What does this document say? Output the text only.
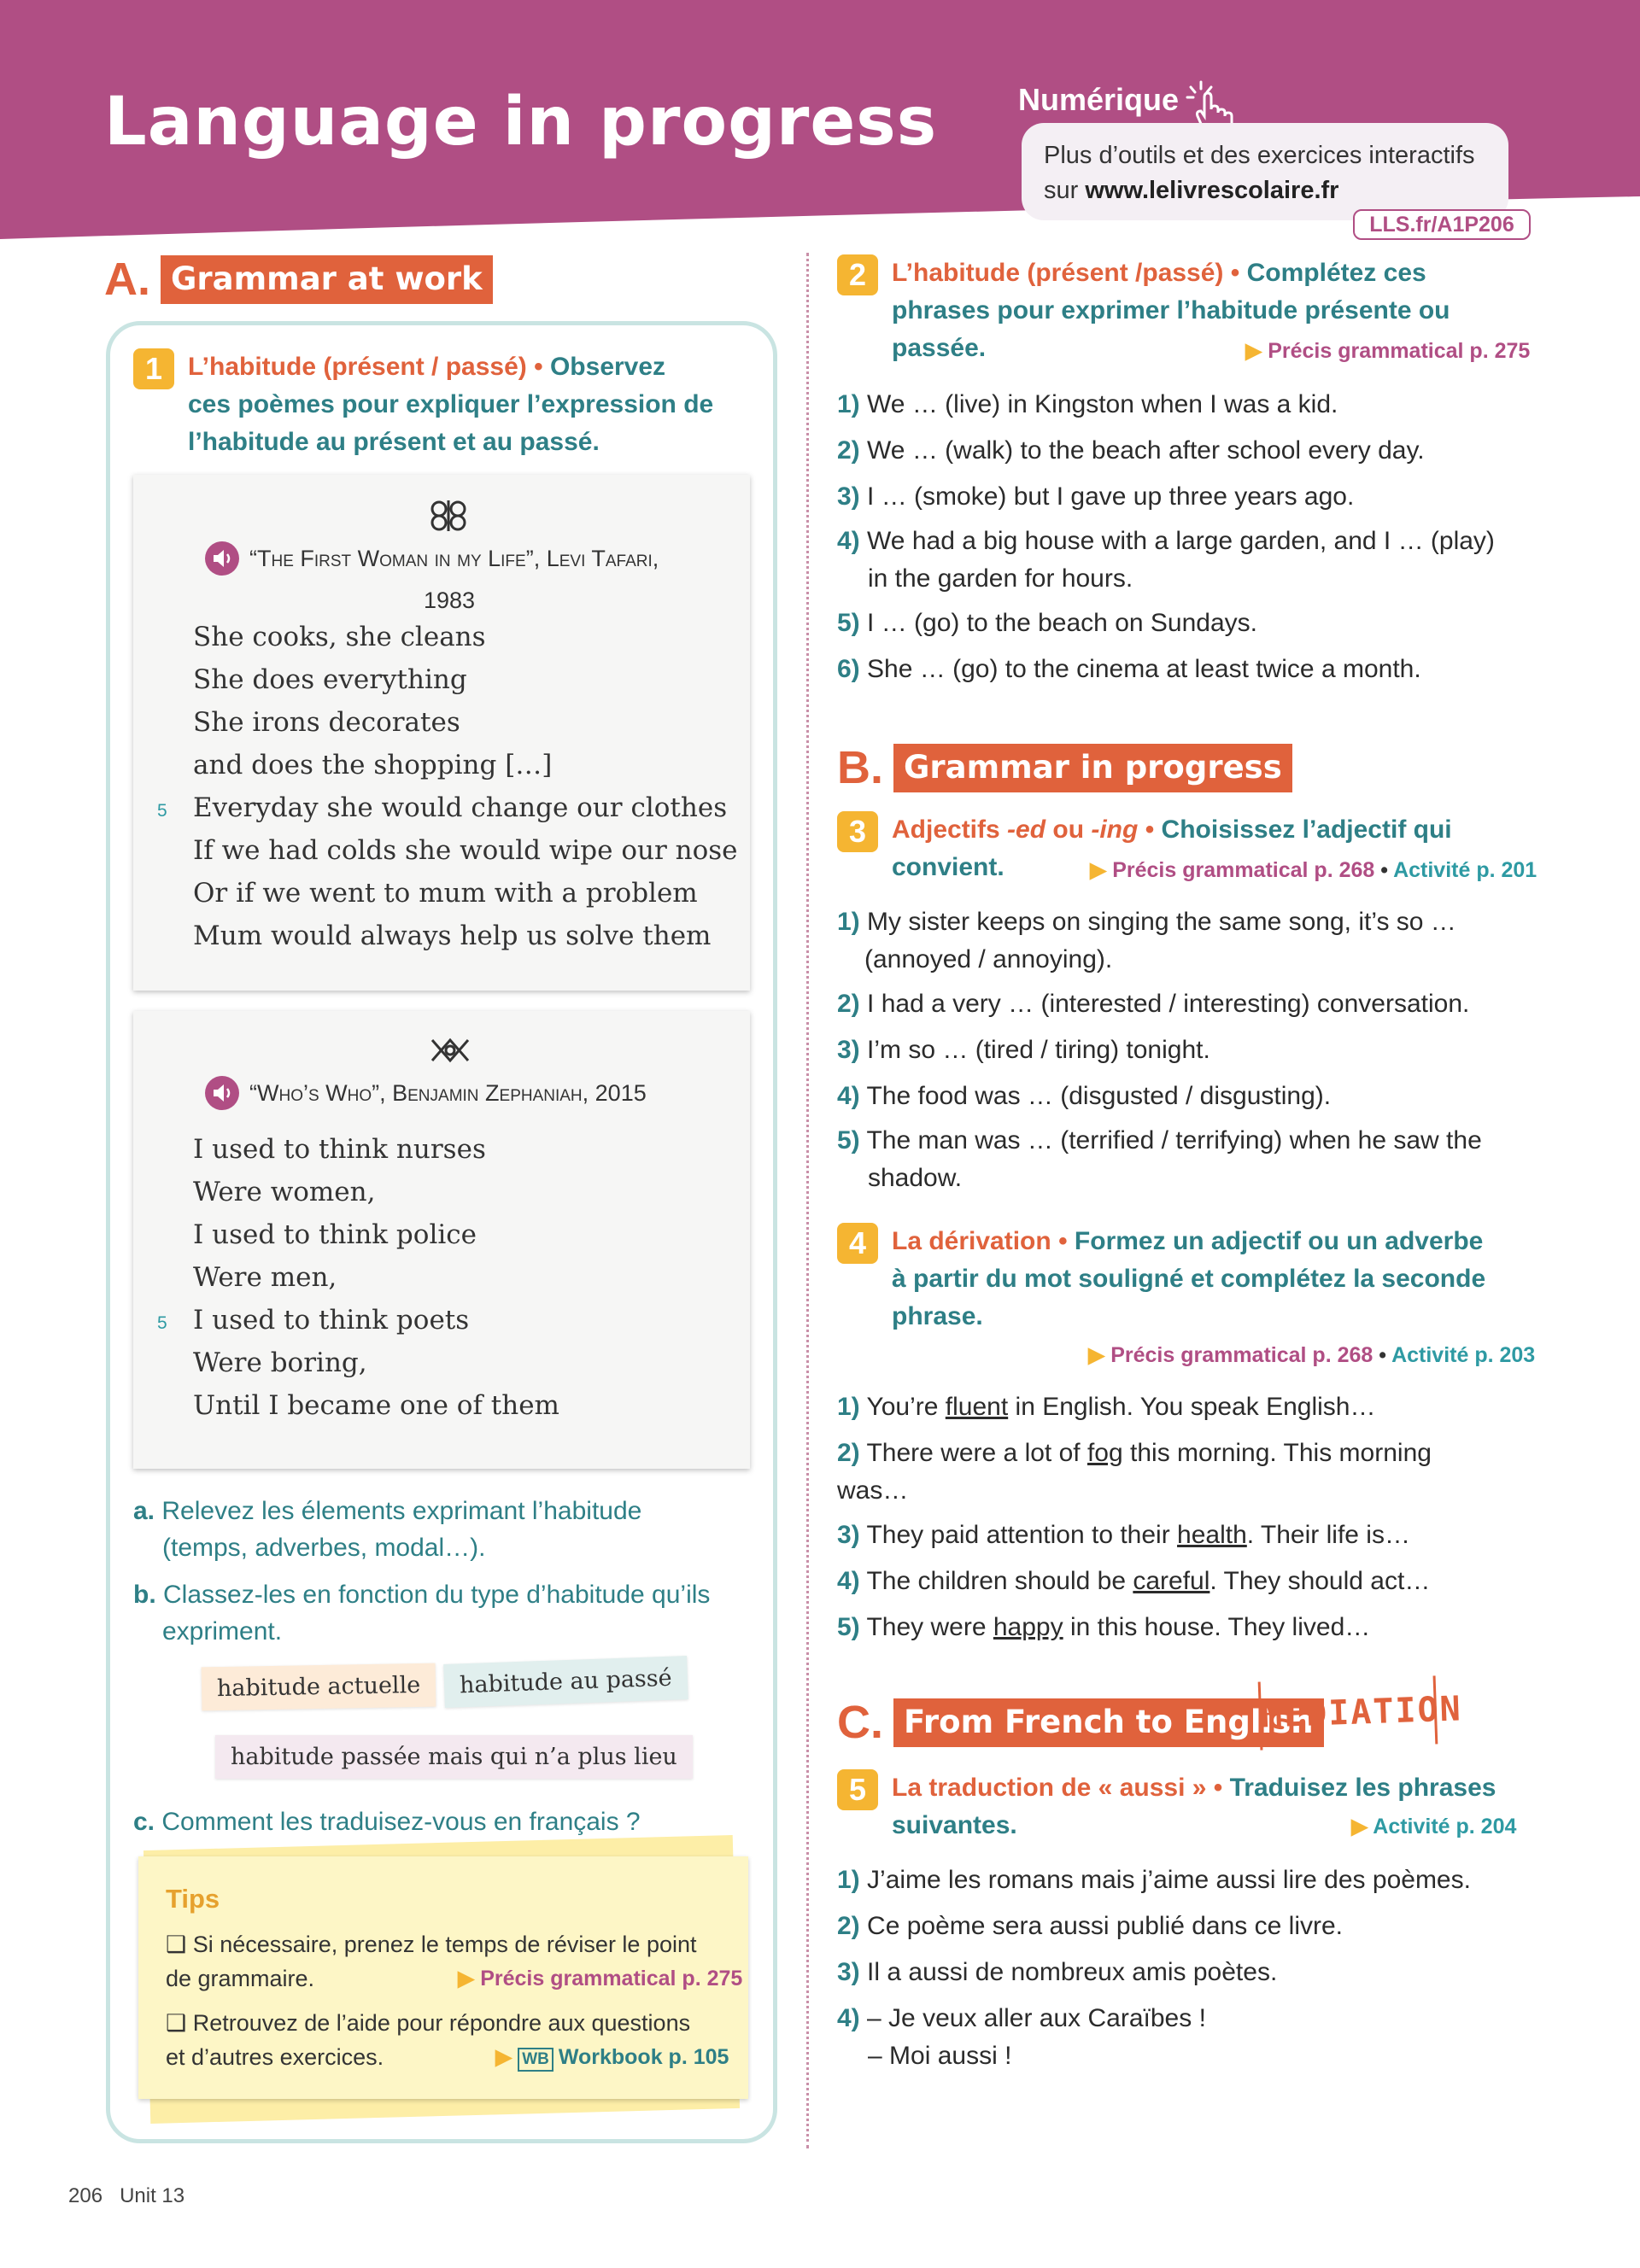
Language in progress	Numérique
Plus d’outils et des exercices interactifs
sur www.lelivrescolaire.fr
LLS.fr/A1P206
A. Grammar at work
1 L’habitude (présent / passé) • Observez
ces poèmes pour expliquer l’expression de
l’habitude au présent et au passé.
“The First Woman in my Life”, Levi Tafari,
1983
She cooks, she cleans
She does everything
She irons decorates
and does the shopping […]
5 Everyday she would change our clothes
If we had colds she would wipe our nose
Or if we went to mum with a problem
Mum would always help us solve them
“Who’s Who”, Benjamin Zephaniah, 2015
I used to think nurses
Were women,
I used to think police
Were men,
5 I used to think poets
Were boring,
Until I became one of them
a. Relevez les élements exprimant l’habitude
(temps, adverbes, modal…).
b. Classez-les en fonction du type d’habitude qu’ils
expriment.
habitude actuelle	habitude au passé
habitude passée mais qui n’a plus lieu
c. Comment les traduisez-vous en français ?
Tips
❑ Si nécessaire, prenez le temps de réviser le point
de grammaire.	▶ Précis grammatical p. 275
❑ Retrouvez de l’aide pour répondre aux questions
et d’autres exercices.	▶ WB Workbook p. 105
2 L’habitude (présent /passé) • Complétez ces
phrases pour exprimer l’habitude présente ou
passée.	▶ Précis grammatical p. 275
1) We … (live) in Kingston when I was a kid.
2) We … (walk) to the beach after school every day.
3) I … (smoke) but I gave up three years ago.
4) We had a big house with a large garden, and I … (play)
in the garden for hours.
5) I … (go) to the beach on Sundays.
6) She … (go) to the cinema at least twice a month.
B. Grammar in progress
3 Adjectifs -ed ou -ing • Choisissez l’adjectif qui
convient.	▶ Précis grammatical p. 268 • Activité p. 201
1) My sister keeps on singing the same song, it’s so …
(annoyed / annoying).
2) I had a very … (interested / interesting) conversation.
3) I’m so … (tired / tiring) tonight.
4) The food was … (disgusted / disgusting).
5) The man was … (terrified / terrifying) when he saw the
shadow.
4 La dérivation • Formez un adjectif ou un adverbe
à partir du mot souligné et complétez la seconde
phrase.
▶ Précis grammatical p. 268 • Activité p. 203
1) You’re fluent in English. You speak English…
2) There were a lot of fog this morning. This morning
was…
3) They paid attention to their health. Their life is…
4) The children should be careful. They should act…
5) They were happy in this house. They lived…
C. From French to English
MEDIATION
5 La traduction de « aussi » • Traduisez les phrases
suivantes.	▶ Activité p. 204
1) J’aime les romans mais j’aime aussi lire des poèmes.
2) Ce poème sera aussi publié dans ce livre.
3) Il a aussi de nombreux amis poètes.
4) – Je veux aller aux Caraïbes !
– Moi aussi !
206 Unit 13
